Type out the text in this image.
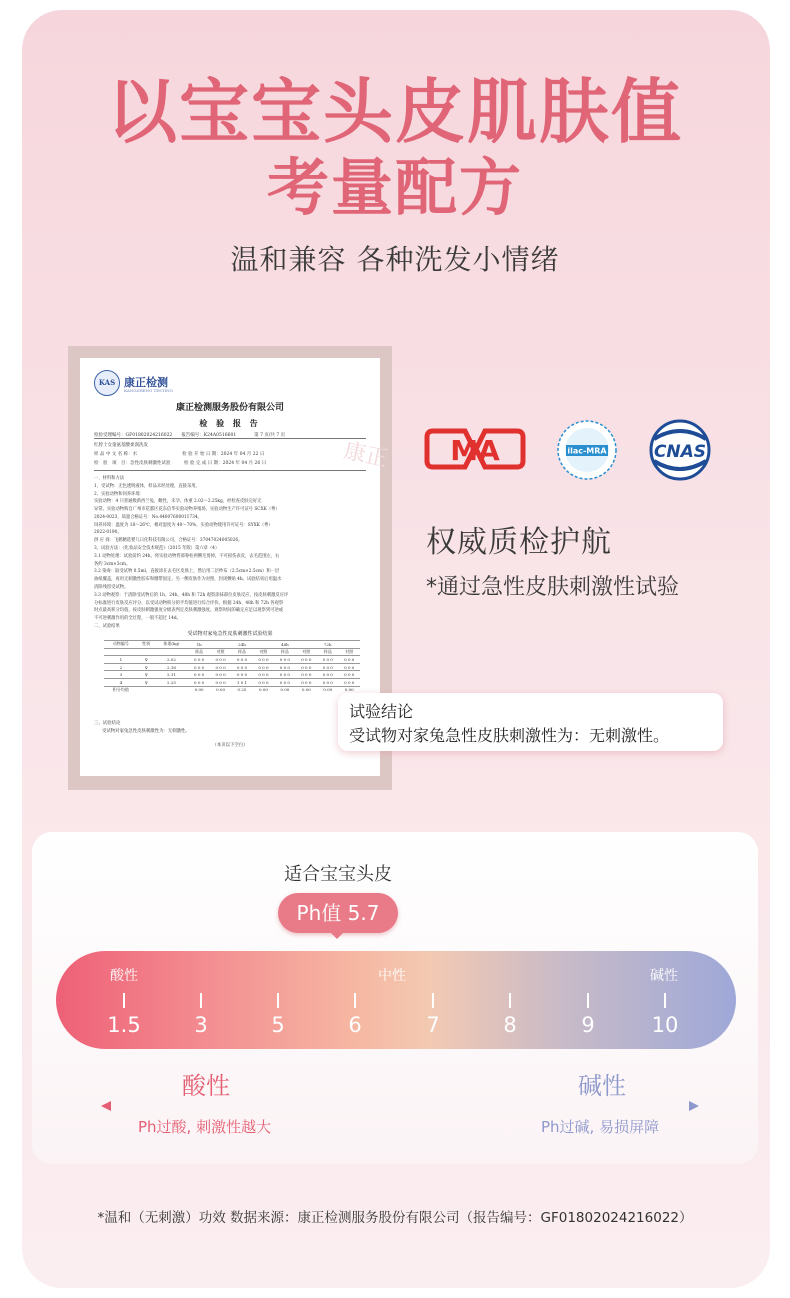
以宝宝头皮肌肤值
考量配方
温和兼容 各种洗发小情绪
康正
KAS 康正检测
KANGZHENG TESTING
康正检测服务股份有限公司
检 验 报 告
检验受理编号：GF01802024216022　　报告编号：K24A0516601　　　　第 7 页/共 7 页
红脖士女童氨基酸柔润洗发
样 品 中 文 名 称：水　　　　　　　　　　检 验 开 始 日 期：2024 年 04 月 22 日
检　验　项　目：急性皮肤刺激性试验　　　检 验 完 成 日 期：2024 年 04 月 26 日

一、材料和方法

1、受试物：无色透明液体，样品未经处理，直接采用。

2、实验动物和饲养环境：

实验动物：4 只普通级新西兰兔，雌性，未孕。体重 2.02～2.25kg，经检查皮肤完好无

异常。实验动物购自广州市花都区花东信华实验动物养殖场，实验动物生产许可证号 SCXK（粤）

2024-0023，质量合格证号：No.44007600011734。

饲养环境：温度为 18～26℃，相对湿度为 40～70%，实验动物使用许可证号：SYXK（粤）

2022-0190。

供 应 商：飞鹤精选婴儿日化科技有限公司，合格证号：37047024005026。

3、试验方法：《化妆品安全技术规范》（2015 年版）第六章（4）

3.1 动物处理：试验前约 24h，将实验动物背部脊柱两侧毛剪掉，不可损伤表皮，去毛范围左、右

各约 3cm×3cm。

3.2 染毒：取受试物 0.5ml，直接涂在去毛区皮肤上，然后用二层纱布（2.5cm×2.5cm）和一层

油纸覆盖，再用无刺激性胶布和绷带固定。另一侧皮肤作为对照，封闭敷贴 4h。试验结束后用温水

清除残留受试物。

3.3 动物观察：于清除受试物后的 1h、24h、48h 和 72h 观察涂抹部位皮肤反应，按皮肤刺激反应评

分标准进行皮肤反应评分，以受试动物积分的平均值进行综合评价。根据 24h、48h 和 72h 各观察

时点最高积分均值，按皮肤刺激强度分级表判定皮肤刺激强度。观察时间的确定应足以观察到可逆或

不可逆刺激作用的全过程，一般不超过 14d。

二、试验结果

受试物对家兔急性皮肤刺激性试验结果
动物编号	性别	体重(kg)	1h		24h		48h		72h	
			样品	对照	样品	对照	样品	对照	样品	对照
1	♀	2.02	0 0 0	0 0 0	0 0 0	0 0 0	0 0 0	0 0 0	0 0 0	0 0 0
2	♀	2.16	0 0 0	0 0 0	0 0 0	0 0 0	0 0 0	0 0 0	0 0 0	0 0 0
3	♀	2.11	0 0 0	0 0 0	0 0 0	0 0 0	0 0 0	0 0 0	0 0 0	0 0 0
4	♀	2.25	0 0 0	0 0 0	1 0 1	0 0 0	0 0 0	0 0 0	0 0 0	0 0 0
积分均值			0.00	0.00	0.25	0.00	0.00	0.00	0.00	0.00
三、试验结论
受试物对家兔急性皮肤刺激性为：无刺激性。
（本页以下空白）
MA	ilac-MRA	CNAS
权威质检护航
*通过急性皮肤刺激性试验
试验结论
受试物对家兔急性皮肤刺激性为：无刺激性。
适合宝宝头皮
Ph值 5.7
酸性	中性	碱性
1.5	3	5	6	7	8	9	10
酸性	碱性
Ph过酸, 刺激性越大	Ph过碱, 易损屏障
*温和（无刺激）功效 数据来源：康正检测服务股份有限公司（报告编号：GF01802024216022）
